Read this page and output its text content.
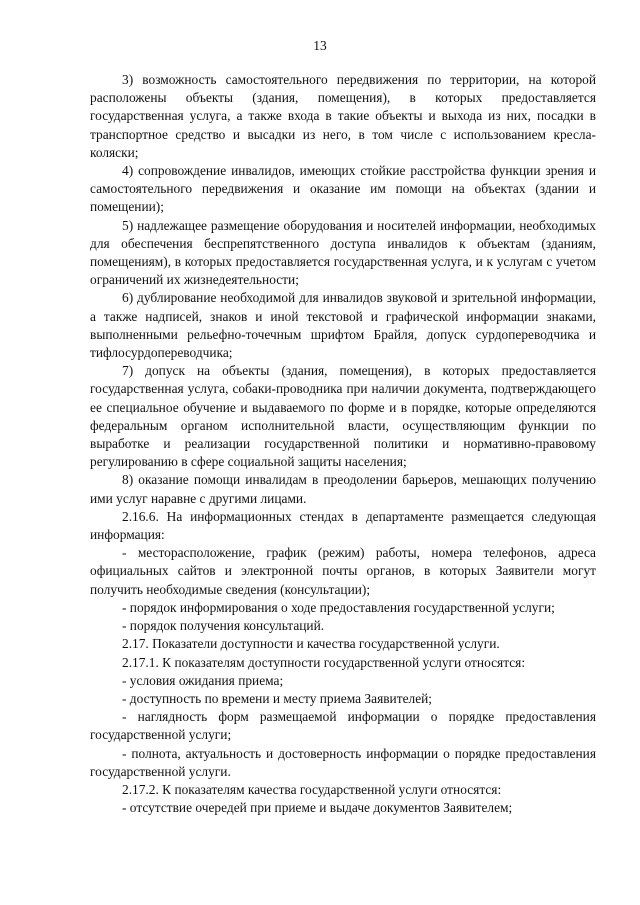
13

3) возможность самостоятельного передвижения по территории, на которой расположены объекты (здания, помещения), в которых предоставляется государственная услуга, а также входа в такие объекты и выхода из них, посадки в транспортное средство и высадки из него, в том числе с использованием кресла-коляски;

4) сопровождение инвалидов, имеющих стойкие расстройства функции зрения и самостоятельного передвижения и оказание им помощи на объектах (здании и помещении);

5) надлежащее размещение оборудования и носителей информации, необходимых для обеспечения беспрепятственного доступа инвалидов к объектам (зданиям, помещениям), в которых предоставляется государственная услуга, и к услугам с учетом ограничений их жизнедеятельности;

6) дублирование необходимой для инвалидов звуковой и зрительной информации, а также надписей, знаков и иной текстовой и графической информации знаками, выполненными рельефно-точечным шрифтом Брайля, допуск сурдопереводчика и тифлосурдопереводчика;

7) допуск на объекты (здания, помещения), в которых предоставляется государственная услуга, собаки-проводника при наличии документа, подтверждающего ее специальное обучение и выдаваемого по форме и в порядке, которые определяются федеральным органом исполнительной власти, осуществляющим функции по выработке и реализации государственной политики и нормативно-правовому регулированию в сфере социальной защиты населения;

8) оказание помощи инвалидам в преодолении барьеров, мешающих получению ими услуг наравне с другими лицами.

2.16.6. На информационных стендах в департаменте размещается следующая информация:

- месторасположение, график (режим) работы, номера телефонов, адреса официальных сайтов и электронной почты органов, в которых Заявители могут получить необходимые сведения (консультации);

- порядок информирования о ходе предоставления государственной услуги;

- порядок получения консультаций.

2.17. Показатели доступности и качества государственной услуги.

2.17.1. К показателям доступности государственной услуги относятся:

- условия ожидания приема;

- доступность по времени и месту приема Заявителей;

- наглядность форм размещаемой информации о порядке предоставления государственной услуги;

- полнота, актуальность и достоверность информации о порядке предоставления государственной услуги.

2.17.2. К показателям качества государственной услуги относятся:

- отсутствие очередей при приеме и выдаче документов Заявителем;
